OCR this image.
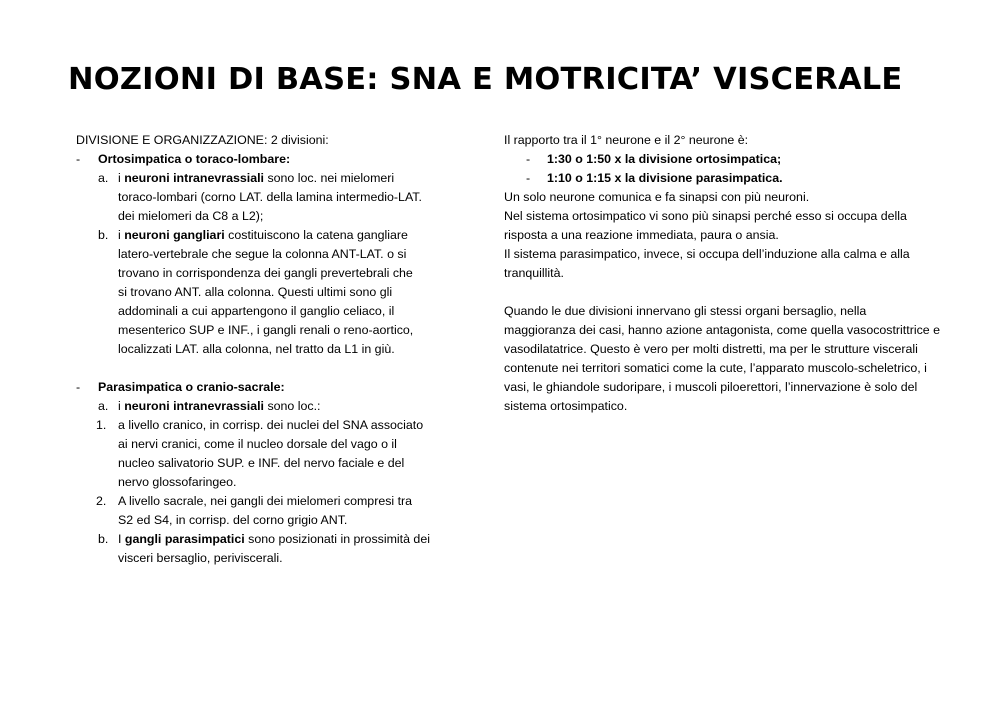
NOZIONI DI BASE: SNA E MOTRICITA’ VISCERALE
DIVISIONE E ORGANIZZAZIONE: 2 divisioni:
- Ortosimpatica o toraco-lombare:
a. i neuroni intranevrassiali sono loc. nei mielomeri
toraco-lombari (corno LAT. della lamina intermedio-LAT.
dei mielomeri da C8 a L2);
b. i neuroni gangliari costituiscono la catena gangliare
latero-vertebrale che segue la colonna ANT-LAT. o si
trovano in corrispondenza dei gangli prevertebrali che
si trovano ANT. alla colonna. Questi ultimi sono gli
addominali a cui appartengono il ganglio celiaco, il
mesenterico SUP e INF., i gangli renali o reno-aortico,
localizzati LAT. alla colonna, nel tratto da L1 in giù.
- Parasimpatica o cranio-sacrale:
a. i neuroni intranevrassiali sono loc.:
1. a livello cranico, in corrisp. dei nuclei del SNA associato
ai nervi cranici, come il nucleo dorsale del vago o il
nucleo salivatorio SUP. e INF. del nervo faciale e del
nervo glossofaringeo.
2. A livello sacrale, nei gangli dei mielomeri compresi tra
S2 ed S4, in corrisp. del corno grigio ANT.
b. I gangli parasimpatici sono posizionati in prossimità dei
visceri bersaglio, periviscerali.
Il rapporto tra il 1° neurone e il 2° neurone è:
- 1:30 o 1:50 x la divisione ortosimpatica;
- 1:10 o 1:15 x la divisione parasimpatica.
Un solo neurone comunica e fa sinapsi con più neuroni.
Nel sistema ortosimpatico vi sono più sinapsi perché esso si occupa della
risposta a una reazione immediata, paura o ansia.
Il sistema parasimpatico, invece, si occupa dell’induzione alla calma e alla
tranquillità.
Quando le due divisioni innervano gli stessi organi bersaglio, nella
maggioranza dei casi, hanno azione antagonista, come quella vasocostrittrice e
vasodilatatrice. Questo è vero per molti distretti, ma per le strutture viscerali
contenute nei territori somatici come la cute, l’apparato muscolo-scheletrico, i
vasi, le ghiandole sudoripare, i muscoli piloerettori, l’innervazione è solo del
sistema ortosimpatico.
